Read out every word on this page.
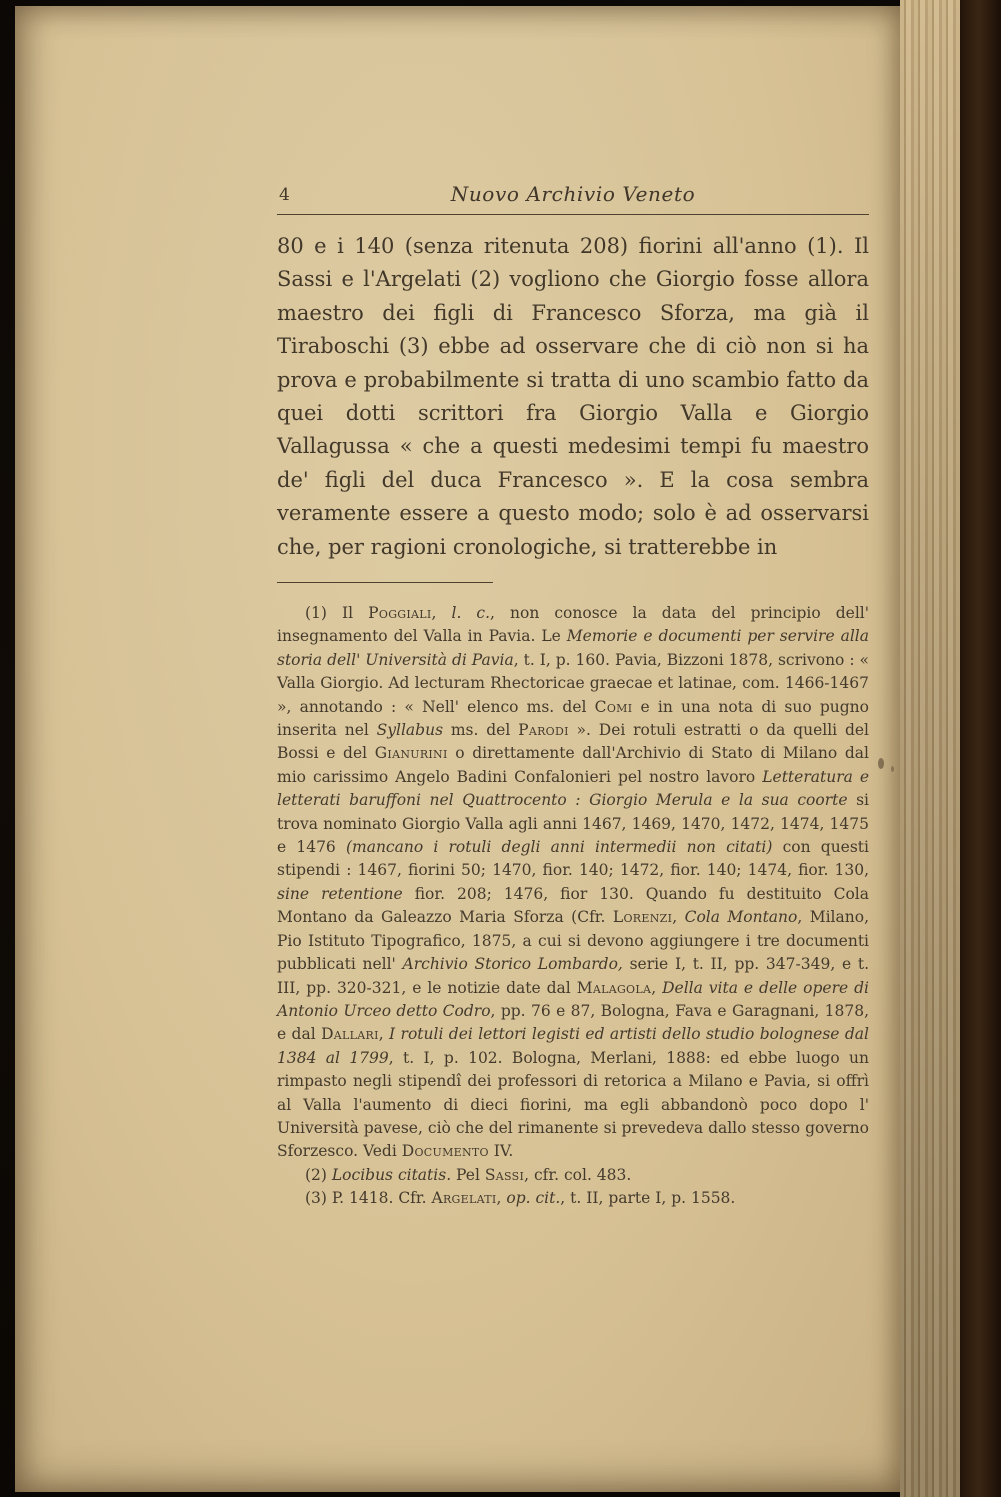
4	Nuovo Archivio Veneto

80 e i 140 (senza ritenuta 208) fiorini all'anno (1). Il Sassi e l'Argelati (2) vogliono che Giorgio fosse allora maestro dei figli di Francesco Sforza, ma già il Tiraboschi (3) ebbe ad osservare che di ciò non si ha prova e probabilmente si tratta di uno scambio fatto da quei dotti scrittori fra Giorgio Valla e Giorgio Vallagussa « che a questi medesimi tempi fu maestro de' figli del duca Francesco ». E la cosa sembra veramente essere a questo modo; solo è ad osservarsi che, per ragioni cronologiche, si tratterebbe in

(1) Il Poggiali, l. c., non conosce la data del principio dell' insegnamento del Valla in Pavia. Le Memorie e documenti per servire alla storia dell' Università di Pavia, t. I, p. 160. Pavia, Bizzoni 1878, scrivono : « Valla Giorgio. Ad lecturam Rhectoricae graecae et latinae, com. 1466-1467 », annotando : « Nell' elenco ms. del Comi e in una nota di suo pugno inserita nel Syllabus ms. del Parodi ». Dei rotuli estratti o da quelli del Bossi e del Gianurini o direttamente dall'Archivio di Stato di Milano dal mio carissimo Angelo Badini Confalonieri pel nostro lavoro Letteratura e letterati baruffoni nel Quattrocento : Giorgio Merula e la sua coorte si trova nominato Giorgio Valla agli anni 1467, 1469, 1470, 1472, 1474, 1475 e 1476 (mancano i rotuli degli anni intermedii non citati) con questi stipendi : 1467, fiorini 50; 1470, fior. 140; 1472, fior. 140; 1474, fior. 130, sine retentione fior. 208; 1476, fior 130. Quando fu destituito Cola Montano da Galeazzo Maria Sforza (Cfr. Lorenzi, Cola Montano, Milano, Pio Istituto Tipografico, 1875, a cui si devono aggiungere i tre documenti pubblicati nell' Archivio Storico Lombardo, serie I, t. II, pp. 347-349, e t. III, pp. 320-321, e le notizie date dal Malagola, Della vita e delle opere di Antonio Urceo detto Codro, pp. 76 e 87, Bologna, Fava e Garagnani, 1878, e dal Dallari, I rotuli dei lettori legisti ed artisti dello studio bolognese dal 1384 al 1799, t. I, p. 102. Bologna, Merlani, 1888: ed ebbe luogo un rimpasto negli stipendî dei professori di retorica a Milano e Pavia, si offrì al Valla l'aumento di dieci fiorini, ma egli abbandonò poco dopo l' Università pavese, ciò che del rimanente si prevedeva dallo stesso governo Sforzesco. Vedi Documento IV.

(2) Locibus citatis. Pel Sassi, cfr. col. 483.

(3) P. 1418. Cfr. Argelati, op. cit., t. II, parte I, p. 1558.
